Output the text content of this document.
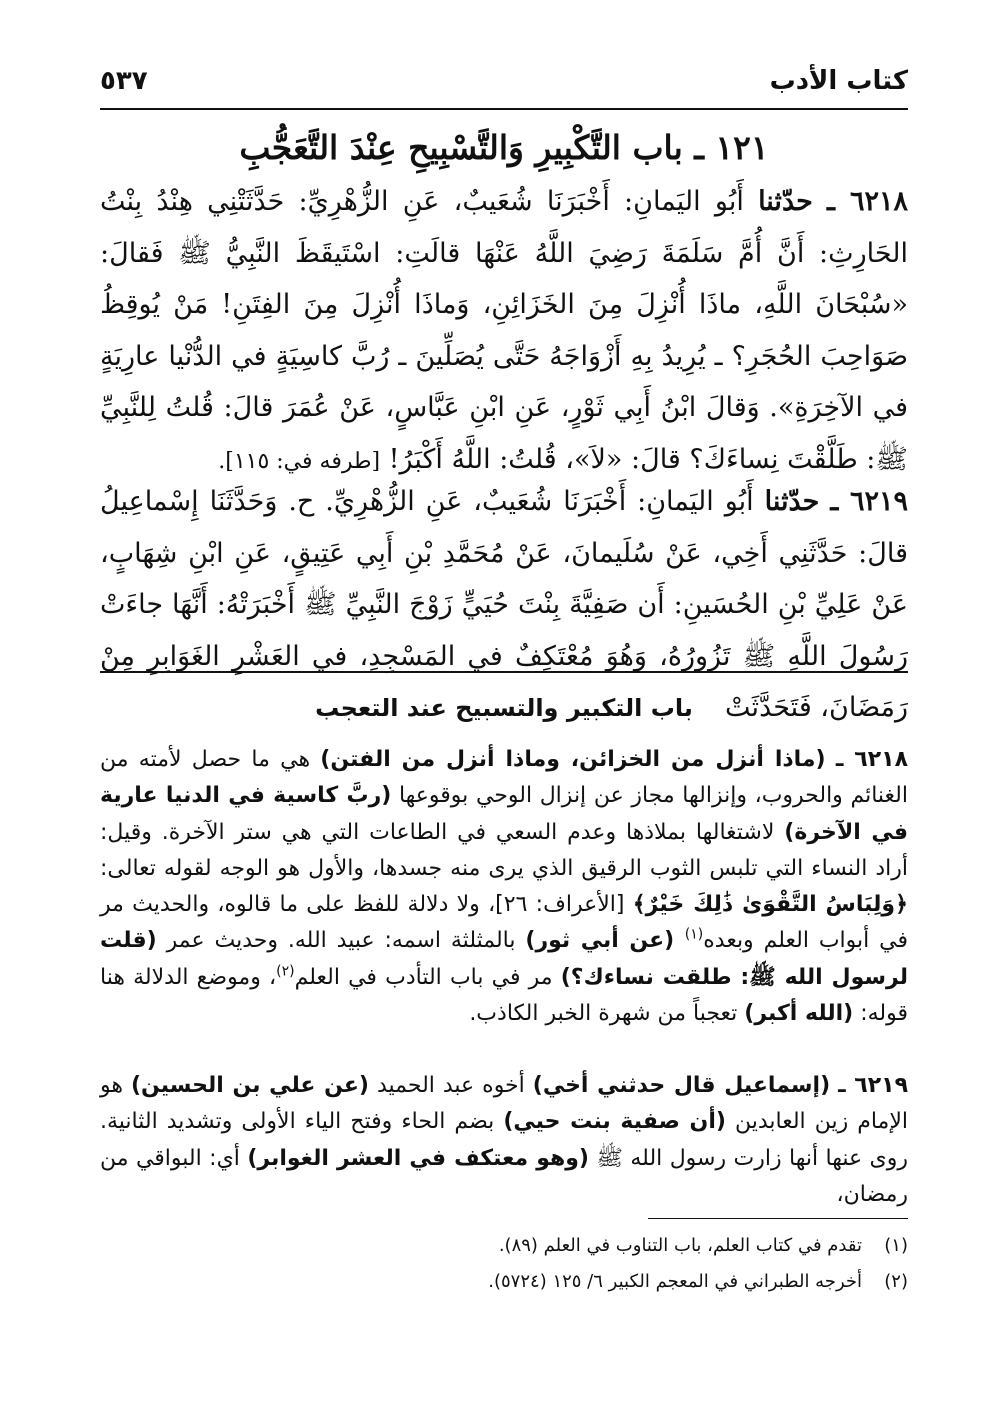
كتاب الأدب
٥٣٧
١٢١ ـ باب التَّكْبِيرِ وَالتَّسْبِيحِ عِنْدَ التَّعَجُّبِ
٦٢١٨ ـ حدّثنا أَبُو اليَمانِ: أَخْبَرَنَا شُعَيبٌ، عَنِ الزُّهْرِيِّ: حَدَّثَتْنِي هِنْدُ بِنْتُ الحَارِثِ: أَنَّ أُمَّ سَلَمَةَ رَضِيَ اللَّهُ عَنْهَا قالَتِ: اسْتَيقَظَ النَّبِيُّ ﷺ فَقالَ: «سُبْحَانَ اللَّهِ، ماذَا أُنْزِلَ مِنَ الخَزَائِنِ، وَماذَا أُنْزِلَ مِنَ الفِتَنِ! مَنْ يُوقِظُ صَوَاحِبَ الحُجَرِ؟ ـ يُرِيدُ بِهِ أَزْوَاجَهُ حَتَّى يُصَلِّينَ ـ رُبَّ كاسِيَةٍ في الدُّنْيا عارِيَةٍ في الآخِرَةِ». وَقالَ ابْنُ أَبِي ثَوْرٍ، عَنِ ابْنِ عَبَّاسٍ، عَنْ عُمَرَ قالَ: قُلتُ لِلنَّبِيِّ ﷺ: طَلَّقْتَ نِساءَكَ؟ قالَ: «لاَ»، قُلتُ: اللَّهُ أَكْبَرُ! [طرفه في: ١١٥].
٦٢١٩ ـ حدّثنا أَبُو اليَمانِ: أَخْبَرَنَا شُعَيبٌ، عَنِ الزُّهْرِيِّ. ح. وَحَدَّثَنَا إِسْماعِيلُ قالَ: حَدَّثَنِي أَخِي، عَنْ سُلَيمانَ، عَنْ مُحَمَّدِ بْنِ أَبِي عَتِيقٍ، عَنِ ابْنِ شِهَابٍ، عَنْ عَلِيِّ بْنِ الحُسَينِ: أَن صَفِيَّةَ بِنْتَ حُيَيٍّ زَوْجَ النَّبِيِّ ﷺ أَخْبَرَتْهُ: أَنَّهَا جاءَتْ رَسُولَ اللَّهِ ﷺ تَزُورُهُ، وَهُوَ مُعْتَكِفٌ في المَسْجِدِ، في العَشْرِ الغَوَابِرِ مِنْ رَمَضَانَ، فَتَحَدَّثَتْ
باب التكبير والتسبيح عند التعجب
٦٢١٨ ـ (ماذا أنزل من الخزائن، وماذا أنزل من الفتن) هي ما حصل لأمته من الغنائم والحروب، وإنزالها مجاز عن إنزال الوحي بوقوعها (ربَّ كاسية في الدنيا عارية في الآخرة) لاشتغالها بملاذها وعدم السعي في الطاعات التي هي ستر الآخرة. وقيل: أراد النساء التي تلبس الثوب الرقيق الذي يرى منه جسدها، والأول هو الوجه لقوله تعالى: ﴿وَلِبَاسُ التَّقْوَىٰ ذَٰلِكَ خَيْرٌ﴾ [الأعراف: ٢٦]، ولا دلالة للفظ على ما قالوه، والحديث مر في أبواب العلم وبعده$^{(١)}$ (عن أبي ثور) بالمثلثة اسمه: عبيد الله. وحديث عمر (قلت لرسول الله ﷺ: طلقت نساءك؟) مر في باب التأدب في العلم$^{(٢)}$، وموضع الدلالة هنا قوله: (الله أكبر) تعجباً من شهرة الخبر الكاذب.
٦٢١٩ ـ (إسماعيل قال حدثني أخي) أخوه عبد الحميد (عن علي بن الحسين) هو الإمام زين العابدين (أن صفية بنت حيي) بضم الحاء وفتح الياء الأولى وتشديد الثانية. روى عنها أنها زارت رسول الله ﷺ (وهو معتكف في العشر الغوابر) أي: البواقي من رمضان،
(١)تقدم في كتاب العلم، باب التناوب في العلم (٨٩).
(٢)أخرجه الطبراني في المعجم الكبير ٦/ ١٢٥ (٥٧٢٤).
